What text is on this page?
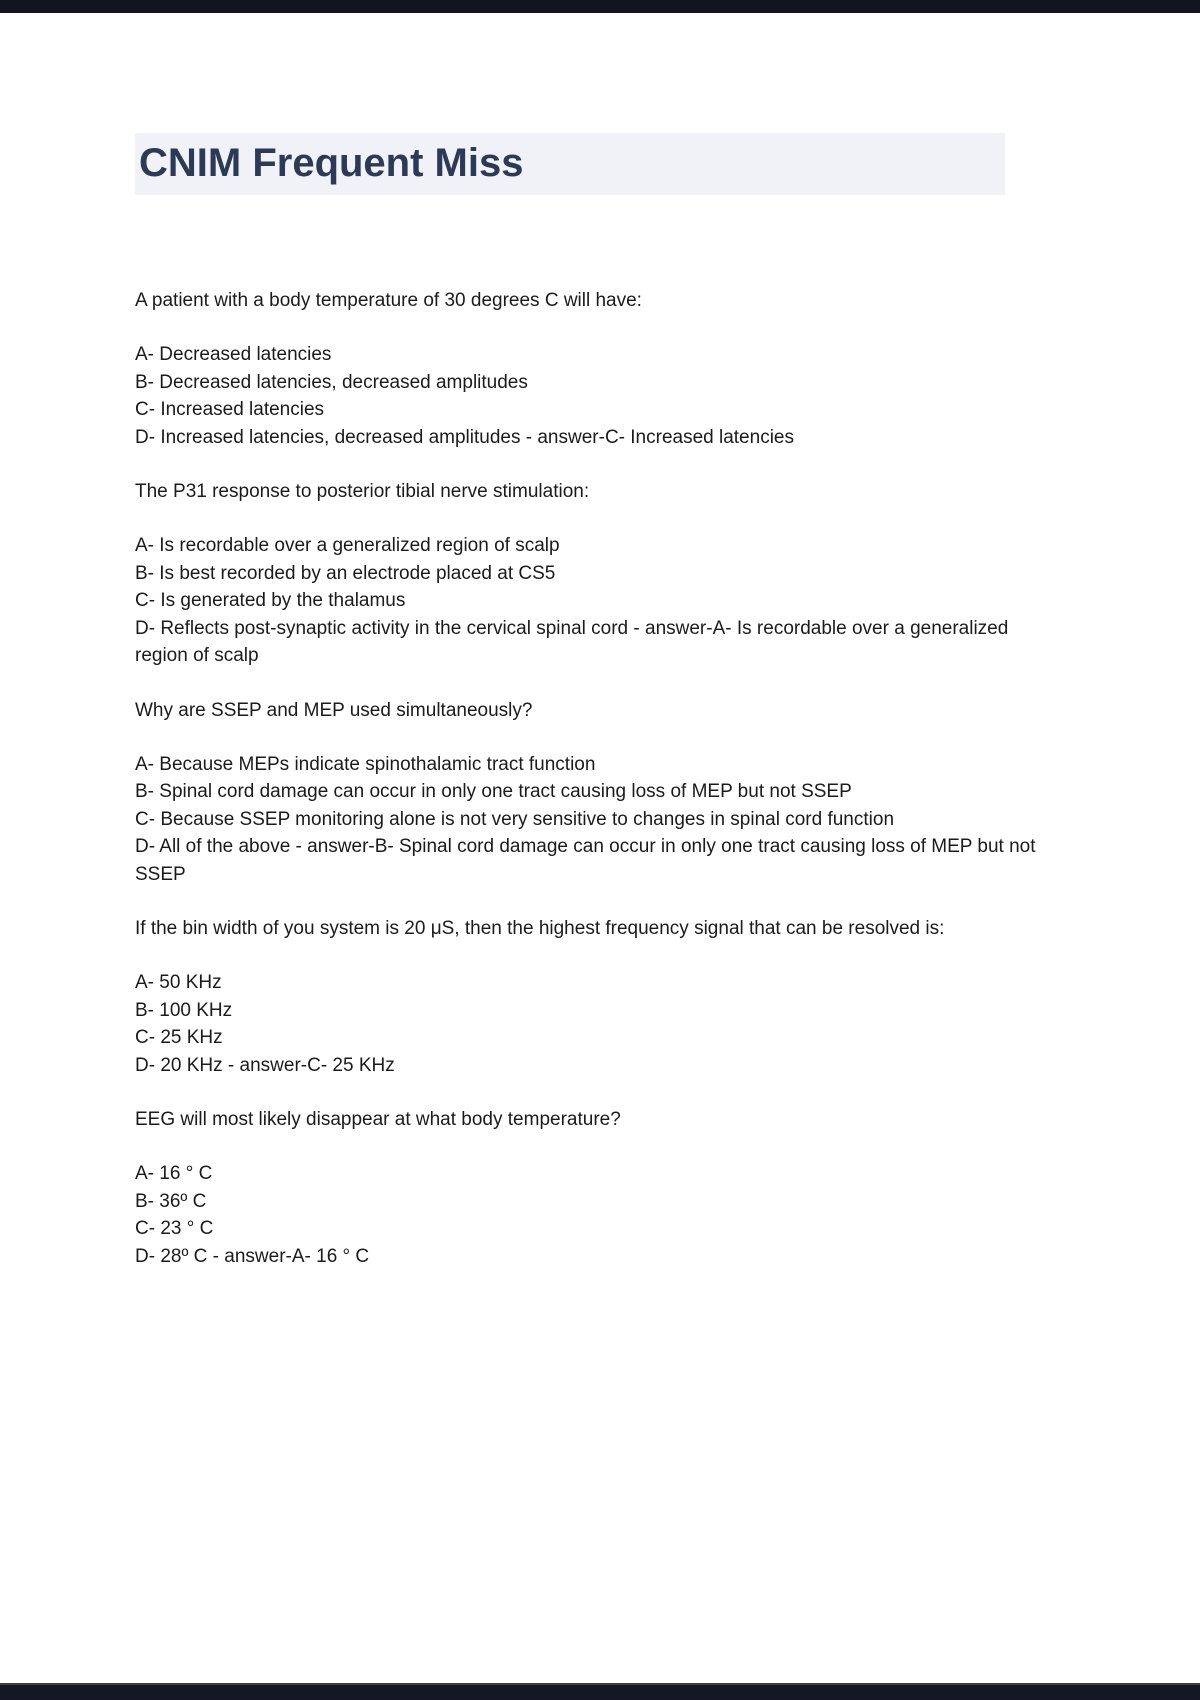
CNIM Frequent Miss

A patient with a body temperature of 30 degrees C will have:

A- Decreased latencies

B- Decreased latencies, decreased amplitudes

C- Increased latencies

D- Increased latencies, decreased amplitudes - answer-C- Increased latencies

The P31 response to posterior tibial nerve stimulation:

A- Is recordable over a generalized region of scalp

B- Is best recorded by an electrode placed at CS5

C- Is generated by the thalamus

D- Reflects post-synaptic activity in the cervical spinal cord - answer-A- Is recordable over a generalized region of scalp

Why are SSEP and MEP used simultaneously?

A- Because MEPs indicate spinothalamic tract function

B- Spinal cord damage can occur in only one tract causing loss of MEP but not SSEP

C- Because SSEP monitoring alone is not very sensitive to changes in spinal cord function

D- All of the above - answer-B- Spinal cord damage can occur in only one tract causing loss of MEP but not SSEP

If the bin width of you system is 20 μS, then the highest frequency signal that can be resolved is:

A- 50 KHz

B- 100 KHz

C- 25 KHz

D- 20 KHz - answer-C- 25 KHz

EEG will most likely disappear at what body temperature?

A- 16 ° C

B- 36º C

C- 23 ° C

D- 28º C - answer-A- 16 ° C
